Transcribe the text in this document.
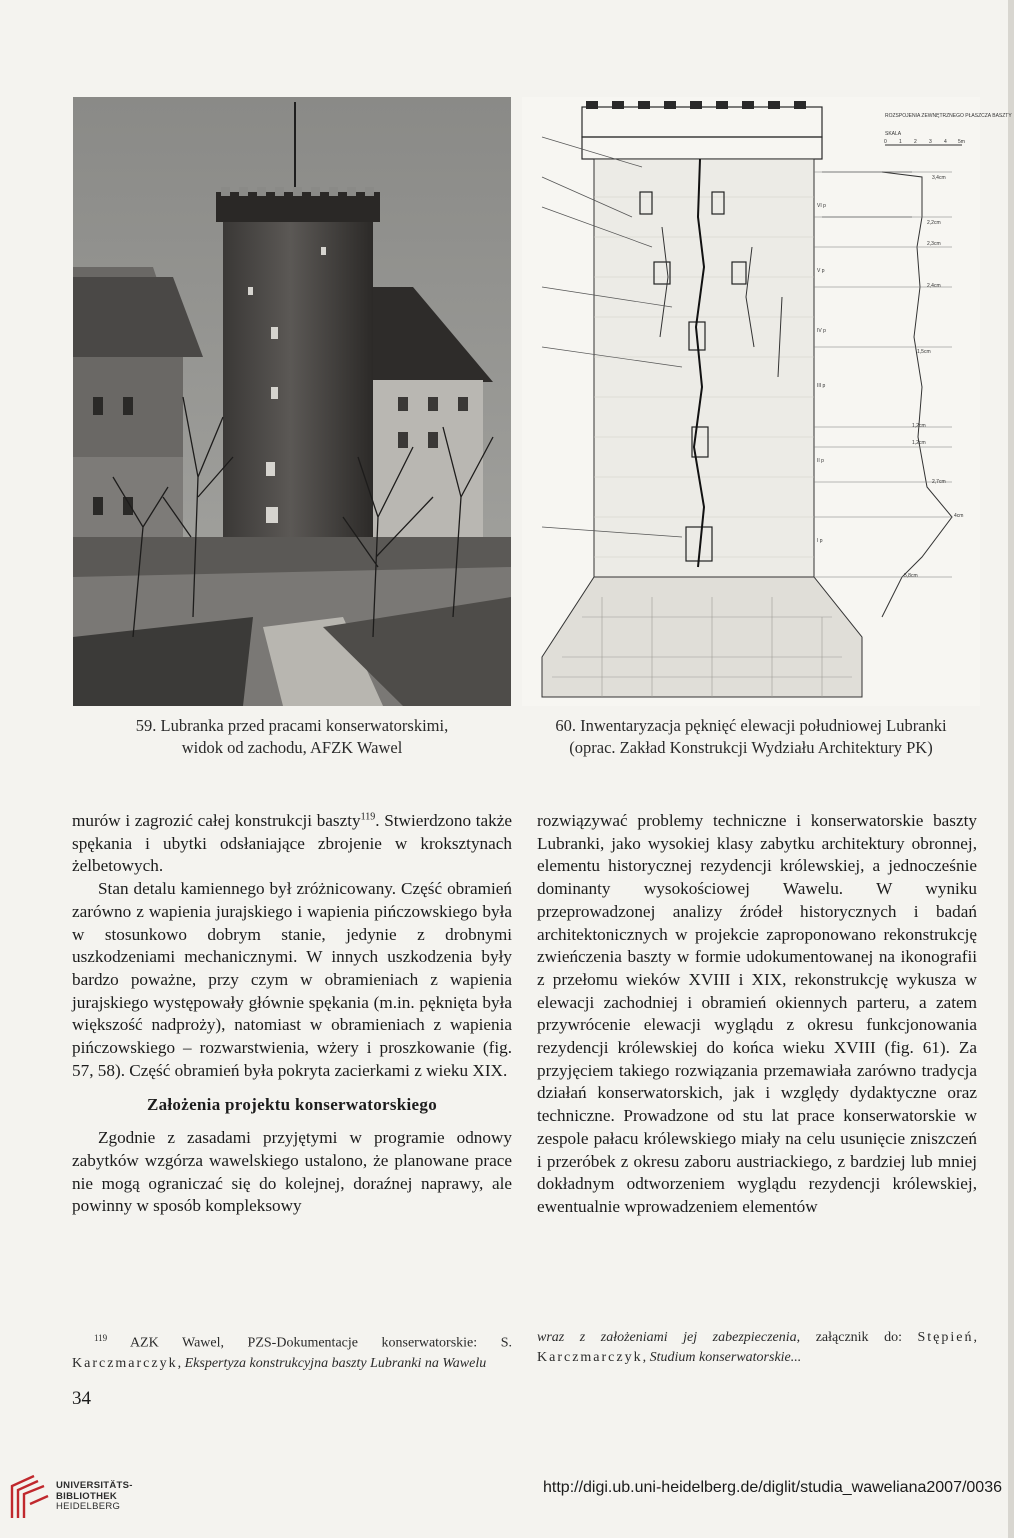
ROZSPOJENIA ZEWNĘTRZNEGO PŁASZCZA BASZTY
SKALA
0 1 2 3 4 5m
3,4cm
2,2cm
2,3cm
2,4cm
1,5cm
1,2cm
1,2cm
2,7cm
4cm
5,8cm
VI p
V p
IV p
III p
II p
I p
59. Lubranka przed pracami konserwatorskimi,
widok od zachodu, AFZK Wawel
60. Inwentaryzacja pęknięć elewacji południowej Lubranki
(oprac. Zakład Konstrukcji Wydziału Architektury PK)

murów i zagrozić całej konstrukcji baszty$^{119}$. Stwierdzono także spękania i ubytki odsłaniające zbrojenie w kroksztynach żelbetowych.

Stan detalu kamiennego był zróżnicowany. Część obramień zarówno z wapienia jurajskiego i wapienia pińczowskiego była w stosunkowo dobrym stanie, jedynie z drobnymi uszkodzeniami mechanicznymi. W innych uszkodzenia były bardzo poważne, przy czym w obramieniach z wapienia jurajskiego występowały głównie spękania (m.in. pęknięta była większość nadproży), natomiast w obramieniach z wapienia pińczowskiego – rozwarstwienia, wżery i proszkowanie (fig. 57, 58). Część obramień była pokryta zacierkami z wieku XIX.

Założenia projektu konserwatorskiego

Zgodnie z zasadami przyjętymi w programie odnowy zabytków wzgórza wawelskiego ustalono, że planowane prace nie mogą ograniczać się do kolejnej, doraźnej naprawy, ale powinny w sposób kompleksowy

rozwiązywać problemy techniczne i konserwatorskie baszty Lubranki, jako wysokiej klasy zabytku architektury obronnej, elementu historycznej rezydencji królewskiej, a jednocześnie dominanty wysokościowej Wawelu. W wyniku przeprowadzonej analizy źródeł historycznych i badań architektonicznych w projekcie zaproponowano rekonstrukcję zwieńczenia baszty w formie udokumentowanej na ikonografii z przełomu wieków XVIII i XIX, rekonstrukcję wykusza w elewacji zachodniej i obramień okiennych parteru, a zatem przywrócenie elewacji wyglądu z okresu funkcjonowania rezydencji królewskiej do końca wieku XVIII (fig. 61). Za przyjęciem takiego rozwiązania przemawiała zarówno tradycja działań konserwatorskich, jak i względy dydaktyczne oraz techniczne. Prowadzone od stu lat prace konserwatorskie w zespole pałacu królewskiego miały na celu usunięcie zniszczeń i przeróbek z okresu zaboru austriackiego, z bardziej lub mniej dokładnym odtworzeniem wyglądu rezydencji królewskiej, ewentualnie wprowadzeniem elementów

$^{119}$ AZK Wawel, PZS-Dokumentacje konserwatorskie: S. Karczmarczyk, Ekspertyza konstrukcyjna baszty Lubranki na Wawelu
wraz z założeniami jej zabezpieczenia, załącznik do: Stępień, Karczmarczyk, Studium konserwatorskie...
34
UNIVERSITÄTS-
BIBLIOTHEK
HEIDELBERG
http://digi.ub.uni-heidelberg.de/diglit/studia_waweliana2007/0036
